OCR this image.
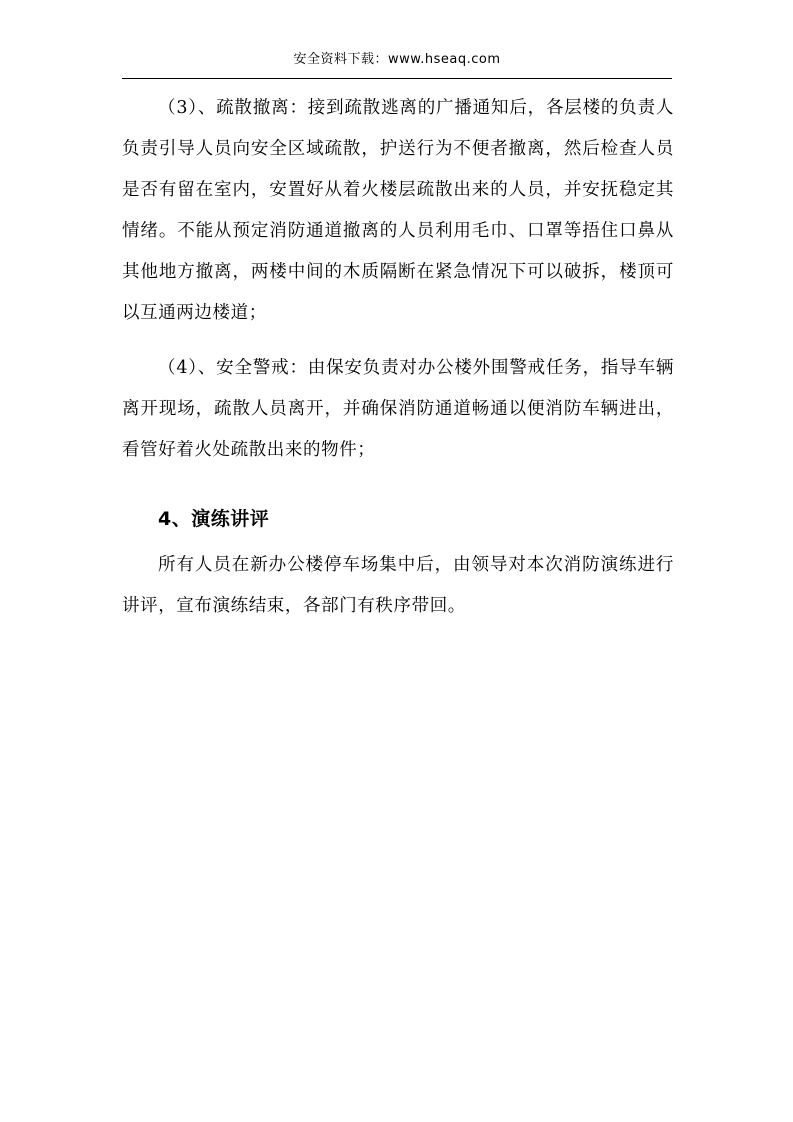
安全资料下载：www.hseaq.com

（3）、疏散撤离：接到疏散逃离的广播通知后，各层楼的负责人负责引导人员向安全区域疏散，护送行为不便者撤离，然后检查人员是否有留在室内，安置好从着火楼层疏散出来的人员，并安抚稳定其情绪。不能从预定消防通道撤离的人员利用毛巾、口罩等捂住口鼻从其他地方撤离，两楼中间的木质隔断在紧急情况下可以破拆，楼顶可以互通两边楼道；

（4）、安全警戒：由保安负责对办公楼外围警戒任务，指导车辆离开现场，疏散人员离开，并确保消防通道畅通以便消防车辆进出，看管好着火处疏散出来的物件；

4、演练讲评

所有人员在新办公楼停车场集中后，由领导对本次消防演练进行讲评，宣布演练结束，各部门有秩序带回。
